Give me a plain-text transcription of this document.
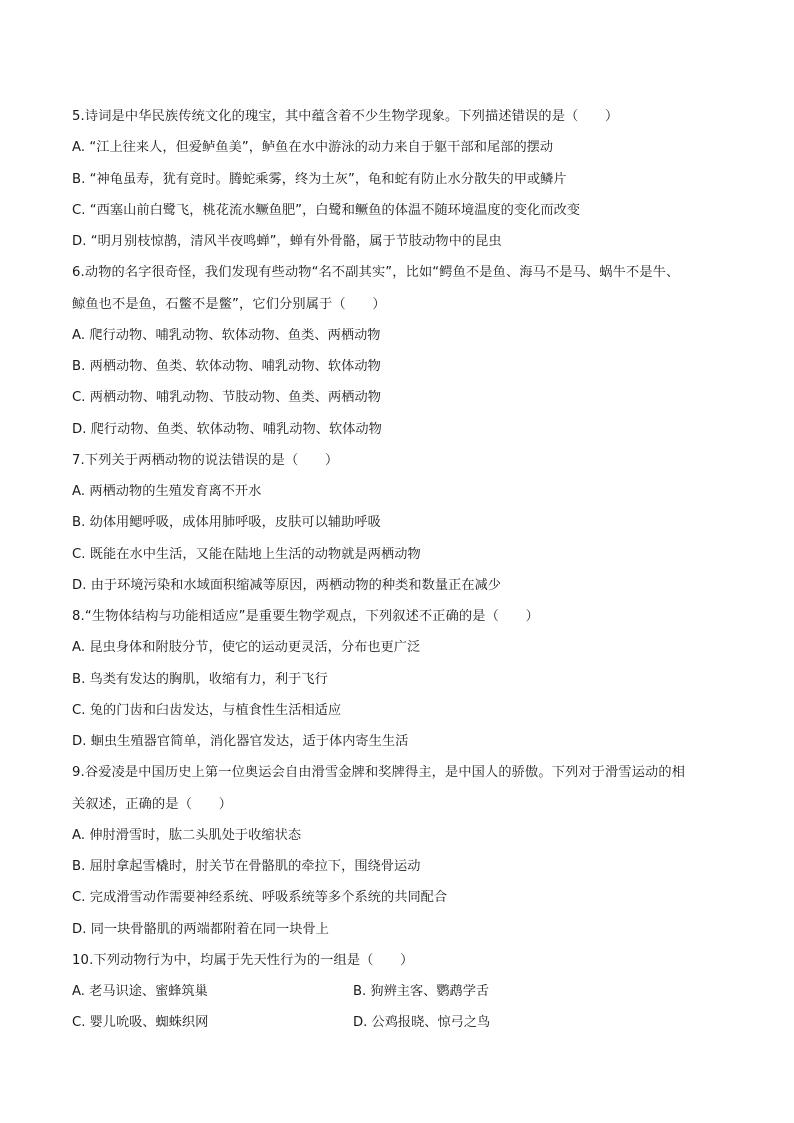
5.诗词是中华民族传统文化的瑰宝，其中蕴含着不少生物学现象。下列描述错误的是（　　）
A. “江上往来人，但爱鲈鱼美”，鲈鱼在水中游泳的动力来自于躯干部和尾部的摆动
B. “神龟虽寿，犹有竟时。腾蛇乘雾，终为土灰”，龟和蛇有防止水分散失的甲或鳞片
C. “西塞山前白鹭飞，桃花流水鳜鱼肥”，白鹭和鳜鱼的体温不随环境温度的变化而改变
D. “明月别枝惊鹊，清风半夜鸣蝉”，蝉有外骨骼，属于节肢动物中的昆虫
6.动物的名字很奇怪，我们发现有些动物“名不副其实”，比如“鳄鱼不是鱼、海马不是马、蜗牛不是牛、
鲸鱼也不是鱼，石鳖不是鳖”，它们分别属于（　　）
A. 爬行动物、哺乳动物、软体动物、鱼类、两栖动物
B. 两栖动物、鱼类、软体动物、哺乳动物、软体动物
C. 两栖动物、哺乳动物、节肢动物、鱼类、两栖动物
D. 爬行动物、鱼类、软体动物、哺乳动物、软体动物
7.下列关于两栖动物的说法错误的是（　　）
A. 两栖动物的生殖发育离不开水
B. 幼体用鳃呼吸，成体用肺呼吸，皮肤可以辅助呼吸
C. 既能在水中生活，又能在陆地上生活的动物就是两栖动物
D. 由于环境污染和水域面积缩减等原因，两栖动物的种类和数量正在减少
8.“生物体结构与功能相适应”是重要生物学观点，下列叙述不正确的是（　　）
A. 昆虫身体和附肢分节，使它的运动更灵活，分布也更广泛
B. 鸟类有发达的胸肌，收缩有力，利于飞行
C. 兔的门齿和臼齿发达，与植食性生活相适应
D. 蛔虫生殖器官简单，消化器官发达，适于体内寄生生活
9.谷爱凌是中国历史上第一位奥运会自由滑雪金牌和奖牌得主，是中国人的骄傲。下列对于滑雪运动的相
关叙述，正确的是（　　）
A. 伸肘滑雪时，肱二头肌处于收缩状态
B. 屈肘拿起雪橇时，肘关节在骨骼肌的牵拉下，围绕骨运动
C. 完成滑雪动作需要神经系统、呼吸系统等多个系统的共同配合
D. 同一块骨骼肌的两端都附着在同一块骨上
10.下列动物行为中，均属于先天性行为的一组是（　　）
A. 老马识途、蜜蜂筑巢	B. 狗辨主客、鹦鹉学舌
C. 婴儿吮吸、蜘蛛织网	D. 公鸡报晓、惊弓之鸟
